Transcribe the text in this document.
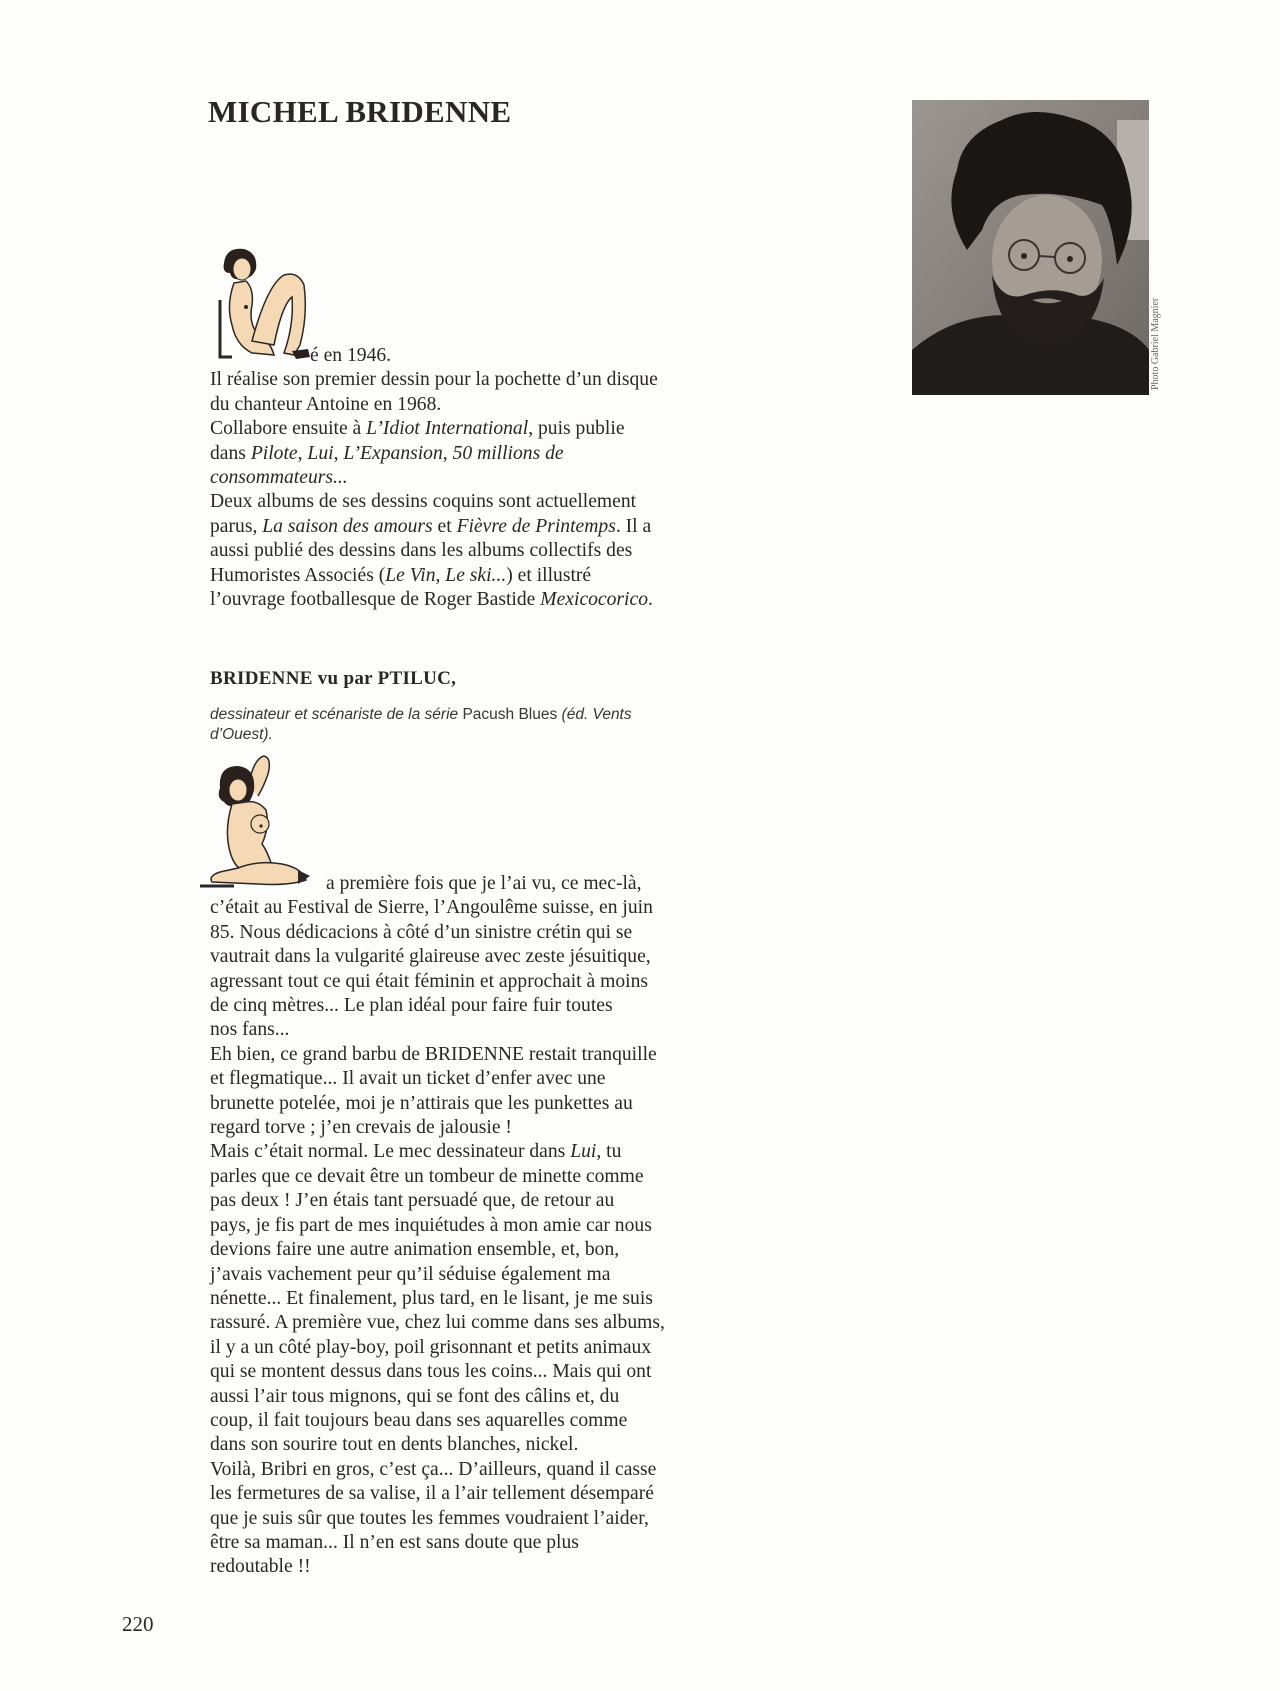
MICHEL BRIDENNE
Photo Gabriel Magnier

é en 1946.

Il réalise son premier dessin pour la pochette d’un disque

du chanteur Antoine en 1968.

Collabore ensuite à L’Idiot International, puis publie

dans Pilote, Lui, L’Expansion, 50 millions de

consommateurs...

Deux albums de ses dessins coquins sont actuellement

parus, La saison des amours et Fièvre de Printemps. Il a

aussi publié des dessins dans les albums collectifs des

Humoristes Associés (Le Vin, Le ski...) et illustré

l’ouvrage footballesque de Roger Bastide Mexicocorico.

BRIDENNE vu par PTILUC,
dessinateur et scénariste de la série Pacush Blues (éd. Vents
d’Ouest).

a première fois que je l’ai vu, ce mec-là,

c’était au Festival de Sierre, l’Angoulême suisse, en juin

85. Nous dédicacions à côté d’un sinistre crétin qui se

vautrait dans la vulgarité glaireuse avec zeste jésuitique,

agressant tout ce qui était féminin et approchait à moins

de cinq mètres... Le plan idéal pour faire fuir toutes

nos fans...

Eh bien, ce grand barbu de BRIDENNE restait tranquille

et flegmatique... Il avait un ticket d’enfer avec une

brunette potelée, moi je n’attirais que les punkettes au

regard torve ; j’en crevais de jalousie !

Mais c’était normal. Le mec dessinateur dans Lui, tu

parles que ce devait être un tombeur de minette comme

pas deux ! J’en étais tant persuadé que, de retour au

pays, je fis part de mes inquiétudes à mon amie car nous

devions faire une autre animation ensemble, et, bon,

j’avais vachement peur qu’il séduise également ma

nénette... Et finalement, plus tard, en le lisant, je me suis

rassuré. A première vue, chez lui comme dans ses albums,

il y a un côté play-boy, poil grisonnant et petits animaux

qui se montent dessus dans tous les coins... Mais qui ont

aussi l’air tous mignons, qui se font des câlins et, du

coup, il fait toujours beau dans ses aquarelles comme

dans son sourire tout en dents blanches, nickel.

Voilà, Bribri en gros, c’est ça... D’ailleurs, quand il casse

les fermetures de sa valise, il a l’air tellement désemparé

que je suis sûr que toutes les femmes voudraient l’aider,

être sa maman... Il n’en est sans doute que plus

redoutable !!

220
